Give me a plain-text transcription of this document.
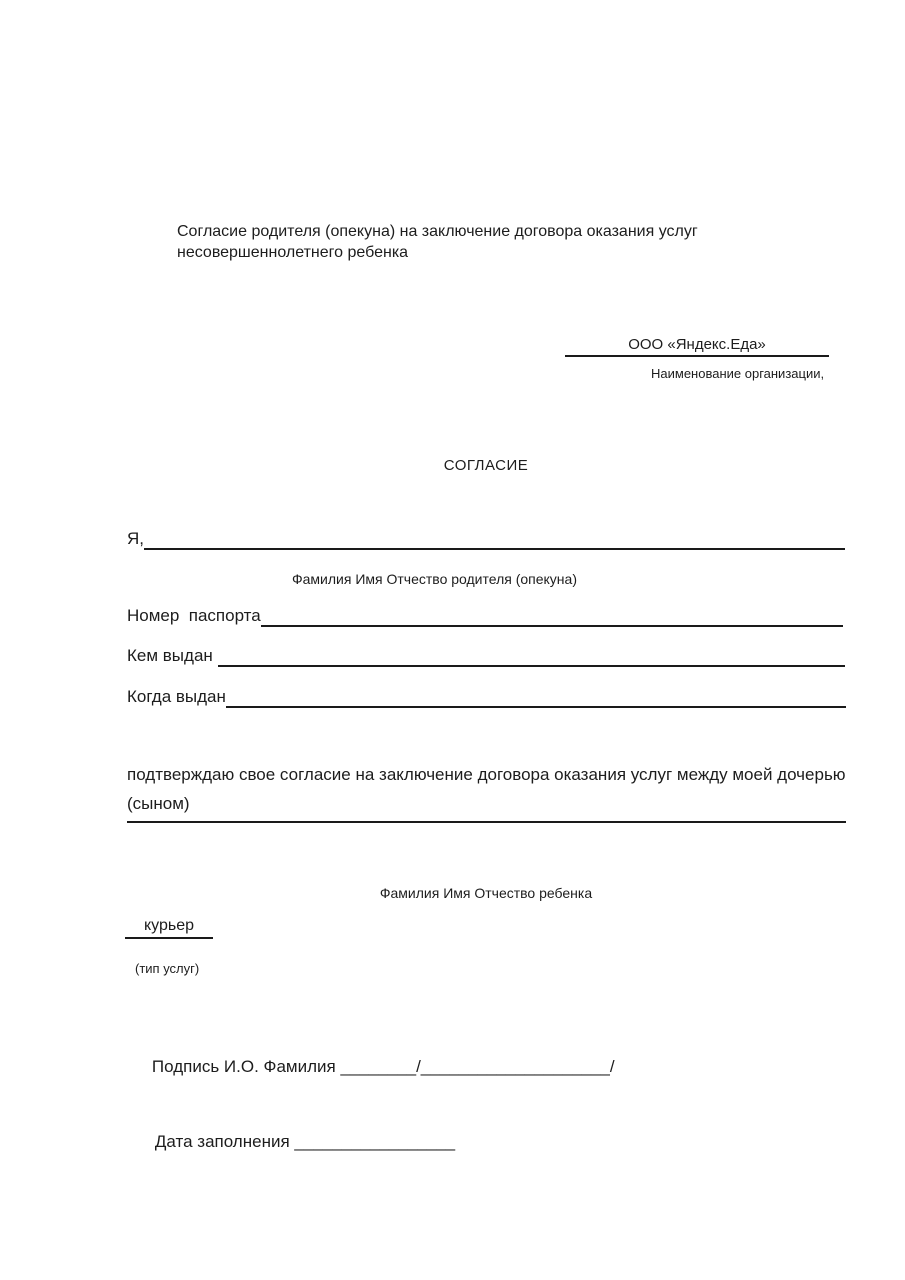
Согласие родителя (опекуна) на заключение договора оказания услуг несовершеннолетнего ребенка
ООО «Яндекс.Еда»
Наименование организации,
СОГЛАСИЕ
Я,
Фамилия Имя Отчество родителя (опекуна)
Номер  паспорта
Кем выдан
Когда выдан
подтверждаю свое согласие на заключение договора оказания услуг между моей дочерью (сыном)
Фамилия Имя Отчество ребенка
курьер
(тип услуг)

Подпись И.О. Фамилия ________/____________________/

Дата заполнения _________________
